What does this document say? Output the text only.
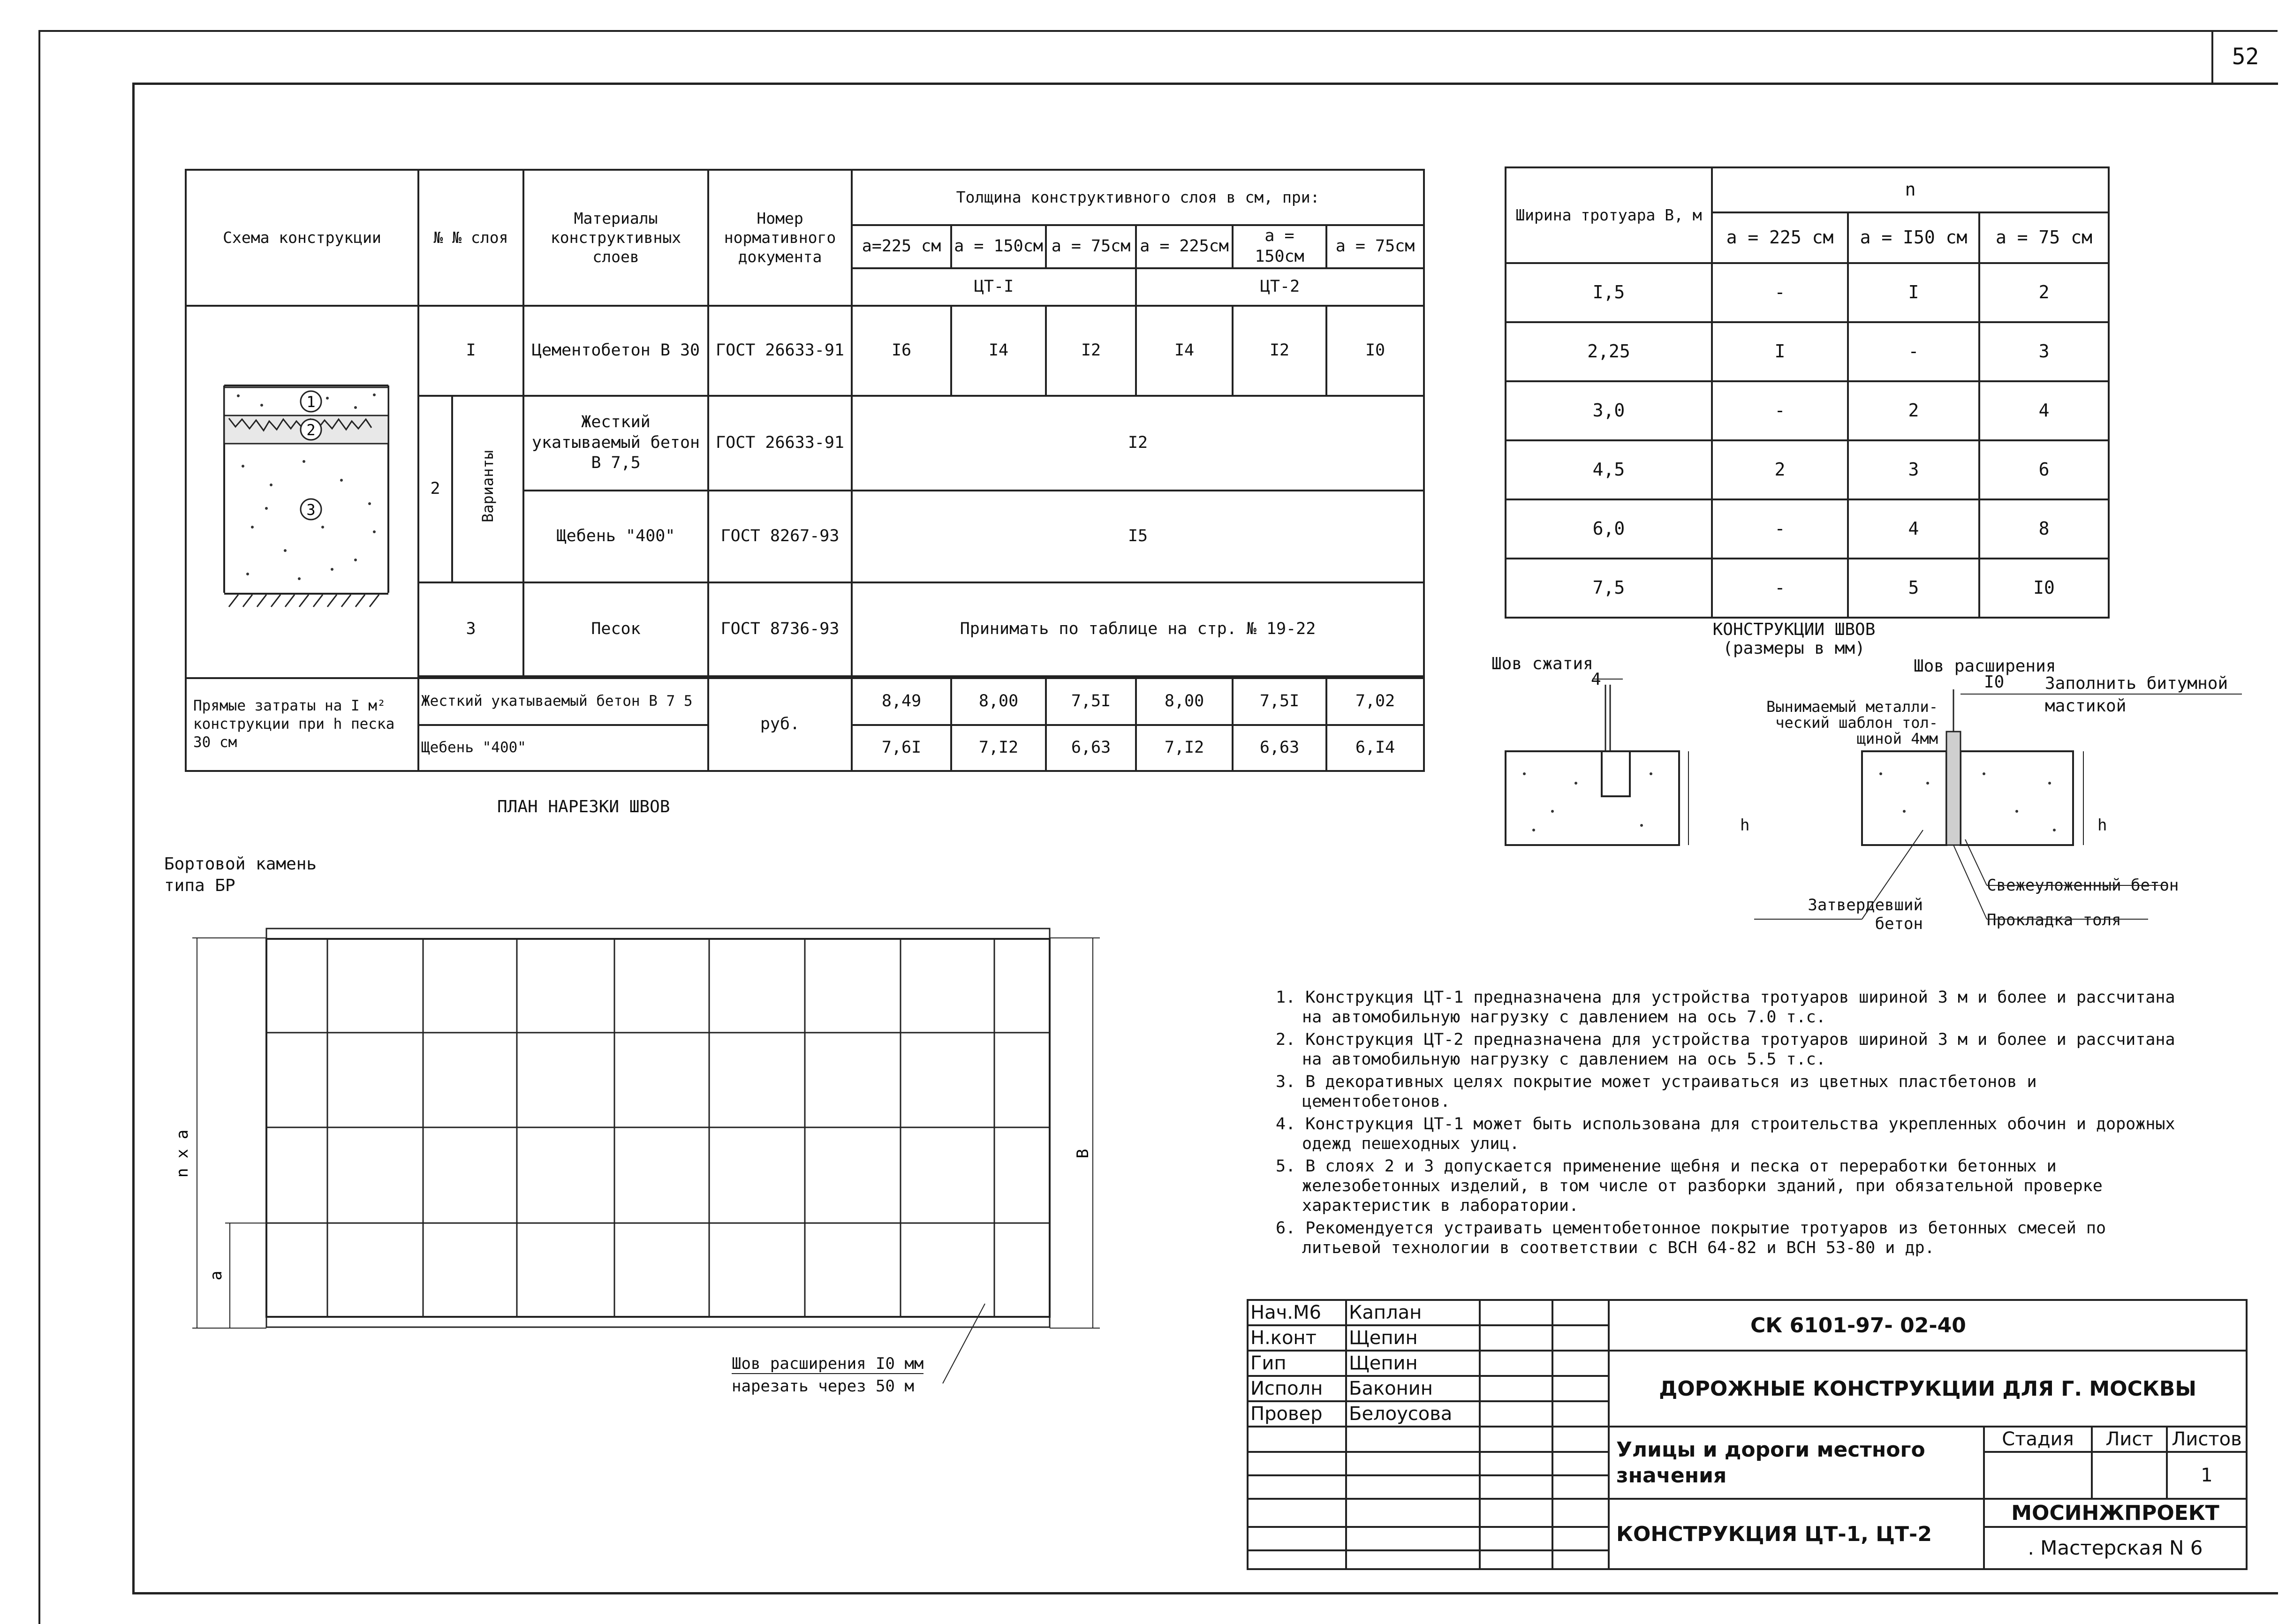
52
Схема конструкции	№ № слоя		Материалы конструктивных слоев	Номер нормативного документа	Толщина конструктивного слоя в см, при:					
					а=225 см	а = 150см	а = 75см	а = 225см	а = 150см	а = 75см
					ЦТ-I			ЦТ-2		

1
2
3	I		Цементобетон В 30	ГОСТ 26633-91	I6	I4	I2	I4	I2	I0
	2	Варианты	Жесткий укатываемый бетон В 7,5	ГОСТ 26633-91	I2					
			Щебень "400"	ГОСТ 8267-93	I5					
	3		Песок	ГОСТ 8736-93	Принимать по таблице на стр. № 19-22					

Прямые затраты на I м² конструкции при h песка 30 см	Жесткий укатываемый бетон В 7 5			руб.	8,49	8,00	7,5I	8,00	7,5I	7,02
	Щебень "400"				7,6I	7,I2	6,63	7,I2	6,63	6,I4
Ширина тротуара В, м	n		
	а = 225 см	а = I50 см	а = 75 см
I,5	-	I	2
2,25	I	-	3
3,0	-	2	4
4,5	2	3	6
6,0	-	4	8
7,5	-	5	I0
КОНСТРУКЦИИ ШВОВ
(размеры в мм)
Шов сжатия
4
Шов расширения
I0 Заполнить битумной мастикой
Вынимаемый металли-ческий шаблон тол-щиной 4мм
Затвердевший бетон
Свежеуложенный бетон
Прокладка толя
h	h
ПЛАН НАРЕЗКИ ШВОВ
Бортовой камень типа БР
n x a
a
B
Шов расширения I0 мм
нарезать через 50 м

1. Конструкция ЦТ-1 предназначена для устройства тротуаров шириной 3 м и более и рассчитана на автомобильную нагрузку с давлением на ось 7.0 т.с.

2. Конструкция ЦТ-2 предназначена для устройства тротуаров шириной 3 м и более и рассчитана на автомобильную нагрузку с давлением на ось 5.5 т.с.

3. В декоративных целях покрытие может устраиваться из цветных пластбетонов и цементобетонов.

4. Конструкция ЦТ-1 может быть использована для строительства укрепленных обочин и дорожных одежд пешеходных улиц.

5. В слоях 2 и 3 допускается применение щебня и песка от переработки бетонных и железобетонных изделий, в том числе от разборки зданий, при обязательной проверке характеристик в лаборатории.

6. Рекомендуется устраивать цементобетонное покрытие тротуаров из бетонных смесей по литьевой технологии в соответствии с ВСН 64-82 и ВСН 53-80 и др.

Нач.М6	Каплан			СК 6101-97- 02-40			
Н.конт	Щепин						
Гип	Щепин			ДОРОЖНЫЕ КОНСТРУКЦИИ ДЛЯ Г. МОСКВЫ			
Исполн	Баконин						
Провер	Белоусова						
				Улицы и дороги местного значения	Стадия	Лист	Листов
							1

				КОНСТРУКЦИЯ ЦТ-1, ЦТ-2	МОСИНЖПРОЕКТ		
					. Мастерская N 6		
